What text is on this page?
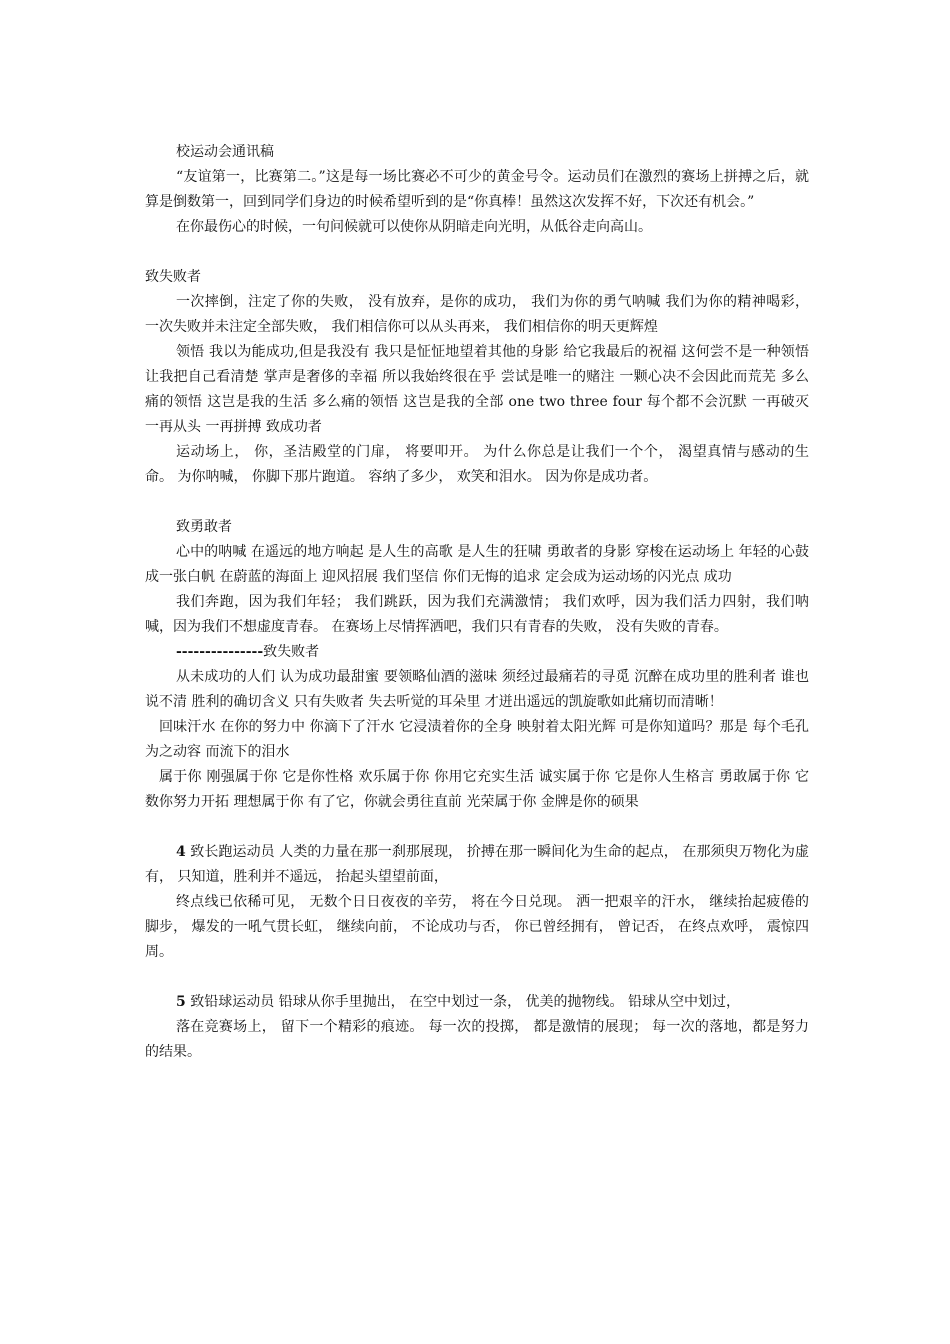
校运动会通讯稿

“友谊第一，比赛第二。”这是每一场比赛必不可少的黄金号令。运动员们在激烈的赛场上拼搏之后，就算是倒数第一，回到同学们身边的时候希望听到的是“你真棒！虽然这次发挥不好，下次还有机会。”

在你最伤心的时候，一句问候就可以使你从阴暗走向光明，从低谷走向高山。

致失败者

一次摔倒，注定了你的失败， 没有放弃，是你的成功， 我们为你的勇气呐喊 我们为你的精神喝彩， 一次失败并未注定全部失败， 我们相信你可以从头再来， 我们相信你的明天更辉煌

领悟 我以为能成功,但是我没有 我只是怔怔地望着其他的身影 给它我最后的祝福 这何尝不是一种领悟 让我把自己看清楚 掌声是奢侈的幸福 所以我始终很在乎 尝试是唯一的赌注 一颗心决不会因此而荒芜 多么痛的领悟 这岂是我的生活 多么痛的领悟 这岂是我的全部 one two three four 每个都不会沉默 一再破灭 一再从头 一再拼搏 致成功者

运动场上， 你，圣洁殿堂的门扉， 将要叩开。 为什么你总是让我们一个个， 渴望真情与感动的生命。 为你呐喊， 你脚下那片跑道。 容纳了多少， 欢笑和泪水。 因为你是成功者。

致勇敢者

心中的呐喊 在遥远的地方响起 是人生的高歌 是人生的狂啸 勇敢者的身影 穿梭在运动场上 年轻的心鼓成一张白帆 在蔚蓝的海面上 迎风招展 我们坚信 你们无悔的追求 定会成为运动场的闪光点 成功

我们奔跑，因为我们年轻； 我们跳跃，因为我们充满激情； 我们欢呼，因为我们活力四射，我们呐喊，因为我们不想虚度青春。 在赛场上尽情挥洒吧，我们只有青春的失败， 没有失败的青春。

---------------致失败者

从未成功的人们 认为成功最甜蜜 要领略仙酒的滋味 须经过最痛若的寻觅 沉醉在成功里的胜利者 谁也说不清 胜利的确切含义 只有失败者 失去听觉的耳朵里 才迸出遥远的凯旋歌如此痛切而清晰！

回味汗水 在你的努力中 你滴下了汗水 它浸渍着你的全身 映射着太阳光辉 可是你知道吗？那是 每个毛孔 为之动容 而流下的泪水

属于你 刚强属于你 它是你性格 欢乐属于你 你用它充实生活 诚实属于你 它是你人生格言 勇敢属于你 它数你努力开拓 理想属于你 有了它，你就会勇往直前 光荣属于你 金牌是你的硕果

4 致长跑运动员 人类的力量在那一刹那展现， 扴搏在那一瞬间化为生命的起点， 在那须臾万物化为虚有， 只知道，胜利并不遥远， 抬起头望望前面，

终点线已依稀可见， 无数个日日夜夜的辛劳， 将在今日兑现。 洒一把艰辛的汗水， 继续抬起疲倦的脚步， 爆发的一吼气贯长虹， 继续向前， 不论成功与否， 你已曾经拥有， 曾记否， 在终点欢呼， 震惊四周。

5 致铅球运动员 铅球从你手里抛出， 在空中划过一条， 优美的抛物线。 铅球从空中划过，

落在竞赛场上， 留下一个精彩的痕迹。 每一次的投掷， 都是激情的展现； 每一次的落地，都是努力的结果。
